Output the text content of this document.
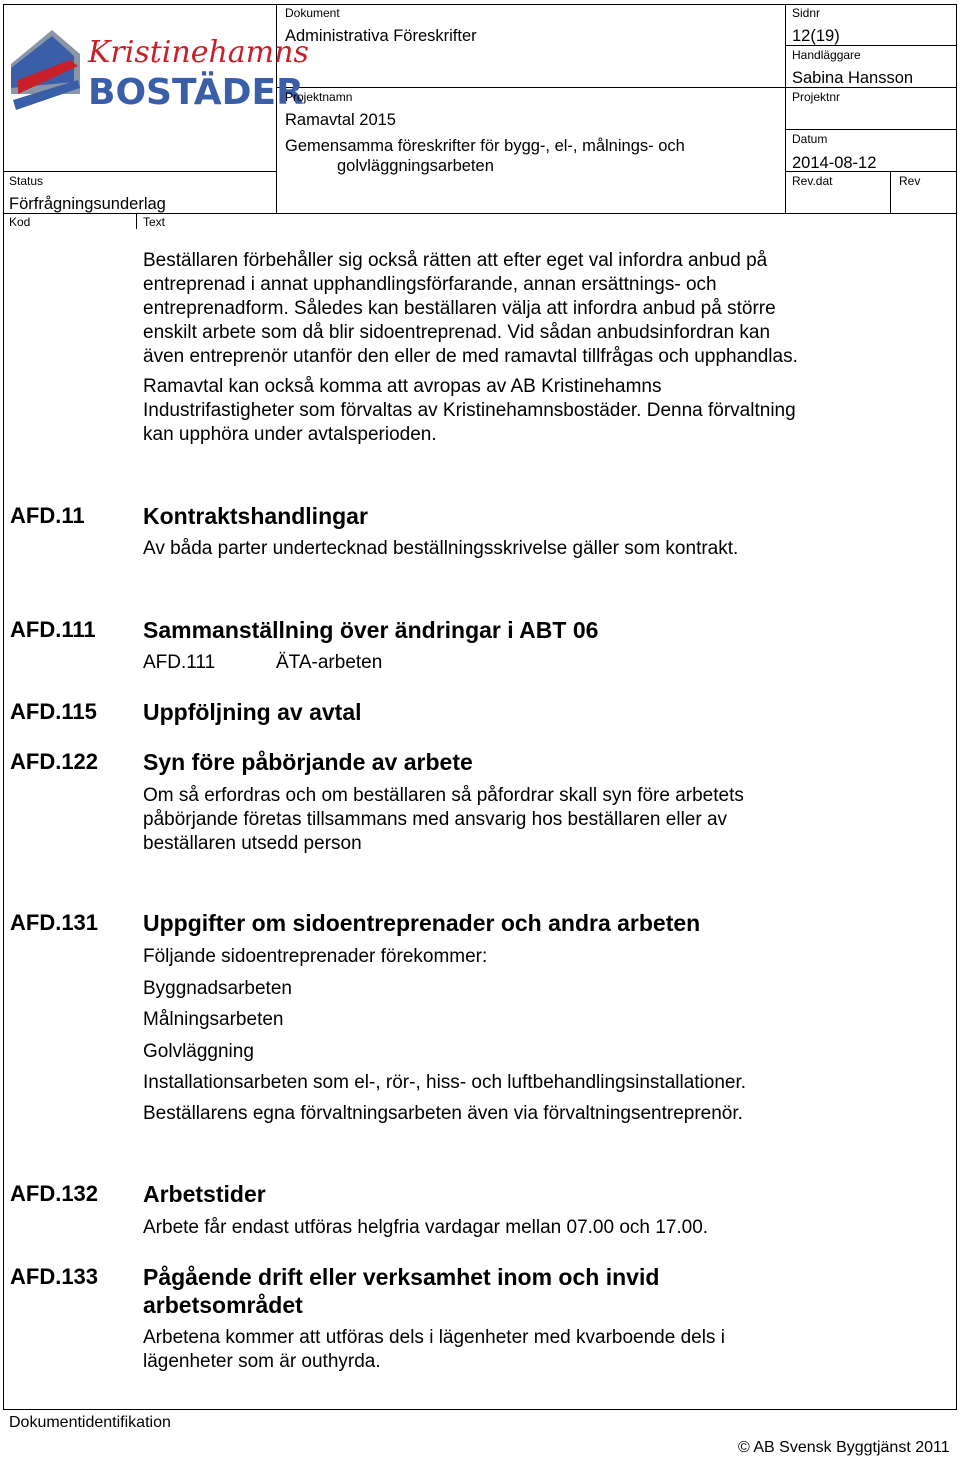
Kristinehamns
BOSTÄDER
Dokument
Administrativa Föreskrifter
Sidnr
12(19)
Handläggare
Sabina Hansson
Projektnamn
Ramavtal 2015
Gemensamma föreskrifter för bygg-, el-, målnings- och
golvläggningsarbeten
Projektnr
Datum
2014-08-12
Status
Förfrågningsunderlag
Rev.dat	Rev
Kod	Text
Beställaren förbehåller sig också rätten att efter eget val infordra anbud på
entreprenad i annat upphandlingsförfarande, annan ersättnings- och
entreprenadform. Således kan beställaren välja att infordra anbud på större
enskilt arbete som då blir sidoentreprenad. Vid sådan anbudsinfordran kan
även entreprenör utanför den eller de med ramavtal tillfrågas och upphandlas.
Ramavtal kan också komma att avropas av AB Kristinehamns
Industrifastigheter som förvaltas av Kristinehamnsbostäder. Denna förvaltning
kan upphöra under avtalsperioden.
AFD.11	Kontraktshandlingar
Av båda parter undertecknad beställningsskrivelse gäller som kontrakt.
AFD.111 Sammanställning över ändringar i ABT 06
AFD.111	ÄTA-arbeten
AFD.115 Uppföljning av avtal
AFD.122 Syn före påbörjande av arbete
Om så erfordras och om beställaren så påfordrar skall syn före arbetets
påbörjande företas tillsammans med ansvarig hos beställaren eller av
beställaren utsedd person
AFD.131 Uppgifter om sidoentreprenader och andra arbeten
Följande sidoentreprenader förekommer:
Byggnadsarbeten
Målningsarbeten
Golvläggning
Installationsarbeten som el-, rör-, hiss- och luftbehandlingsinstallationer.
Beställarens egna förvaltningsarbeten även via förvaltningsentreprenör.
AFD.132 Arbetstider
Arbete får endast utföras helgfria vardagar mellan 07.00 och 17.00.
AFD.133 Pågående drift eller verksamhet inom och invid
arbetsområdet
Arbetena kommer att utföras dels i lägenheter med kvarboende dels i
lägenheter som är outhyrda.
Dokumentidentifikation
© AB Svensk Byggtjänst 2011
